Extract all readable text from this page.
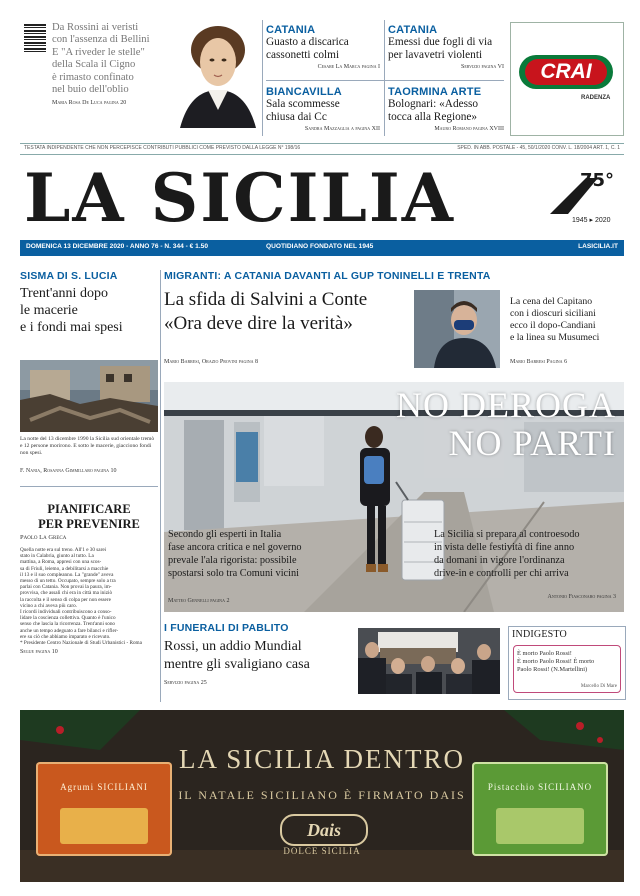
Da Rossini ai veristi
con l'assenza di Bellini
E "A riveder le stelle"
della Scala il Cigno
è rimasto confinato
nel buio dell'oblio
Maria Rosa De Luca pagina 20
CATANIA
Guasto a discarica
cassonetti colmi
Cesare La Marca pagina I
CATANIA
Emessi due fogli di via
per lavavetri violenti
Servizio pagina VI
BIANCAVILLA
Sala scommesse
chiusa dai Cc
Sandra Mazzaglia a pagina XII
TAORMINA ARTE
Bolognari: «Adesso
tocca alla Regione»
Mauro Romano pagina XVIII
CRAI
RADENZA
TESTATA INDIPENDENTE CHE NON PERCEPISCE CONTRIBUTI PUBBLICI COME PREVISTO DALLA LEGGE N° 198/16	SPED. IN ABB. POSTALE - 45, 50/1/2020 CONV. L. 18/2004 ART. 1, C. 1
LA SICILIA	75°
1945 ▸ 2020
DOMENICA 13 DICEMBRE 2020 - ANNO 76 - N. 344 - € 1.50	QUOTIDIANO FONDATO NEL 1945	LASICILIA.IT
SISMA DI S. LUCIA
Trent'anni dopo
le macerie
e i fondi mai spesi
La notte del 13 dicembre 1990 la Sicilia sud orientale tremò e 12 persone morirono. E sotto le macerie, giacciono fondi non spesi.
F. Nania, Rosanna Gimmillaro pagina 10
PIANIFICARE
PER PREVENIRE
Paolo La Greca
Quella notte era sul treno. All'1 e 30 sarei
stato in Calabria, giunto al tutto. La
mattina, a Roma, appresi con una scos-
sa di Friuli, leiemo, a debilitarsi a macchie
il 13 e il suo compleanno. La "grande" aveva
messo di un tetto. Occupato, sempre solo a tra
parlai con Catania. Non provai la paura, im-
provvisa, che assalì chi era in città ma iniziò
la raccolta e il senso di colpa per non essere
vicino a chi aveva più caro.
I ricordi individuali contribuiscono a conso-
lidare la coscienza collettiva. Quanto è l'unico
senso che lascia la ricorrenza. Trent'anni sono
anche un tempo adeguato a fare bilanci e rifler-
ere su ciò che abbiamo imparato e ricevuto.
* Presidente Centro Nazionale di Studi Urbanistici - Roma
Segue pagina 10
MIGRANTI: A CATANIA DAVANTI AL GUP TONINELLI E TRENTA
La sfida di Salvini a Conte
«Ora deve dire la verità»
Mario Barresi, Orazio Provini pagina 8
La cena del Capitano
con i dioscuri siciliani
ecco il dopo-Candiani
e la linea su Musumeci
Mario Barresi Pagina 6
NO DEROGA
NO PARTI
Secondo gli esperti in Italia
fase ancora critica e nel governo
prevale l'ala rigorista: possibile
spostarsi solo tra Comuni vicini
Matteo Gennelli pagina 2
La Sicilia si prepara al controesodo
in vista delle festività di fine anno
da domani in vigore l'ordinanza
drive-in e controlli per chi arriva
Antonio Fiasconaro pagina 3
I FUNERALI DI PABLITO
Rossi, un addio Mundial
mentre gli svaligiano casa
Servizio pagina 25
INDIGESTO
È morto Paolo Rossi!
È morto Paolo Rossi! È morto
Paolo Rossi! (N.Martellini)
Marcello Di Mare
Agrumi SICILIANI	Pistacchio SICILIANO
LA SICILIA DENTRO
IL NATALE SICILIANO È FIRMATO DAIS
Dais
DOLCE SICILIA
